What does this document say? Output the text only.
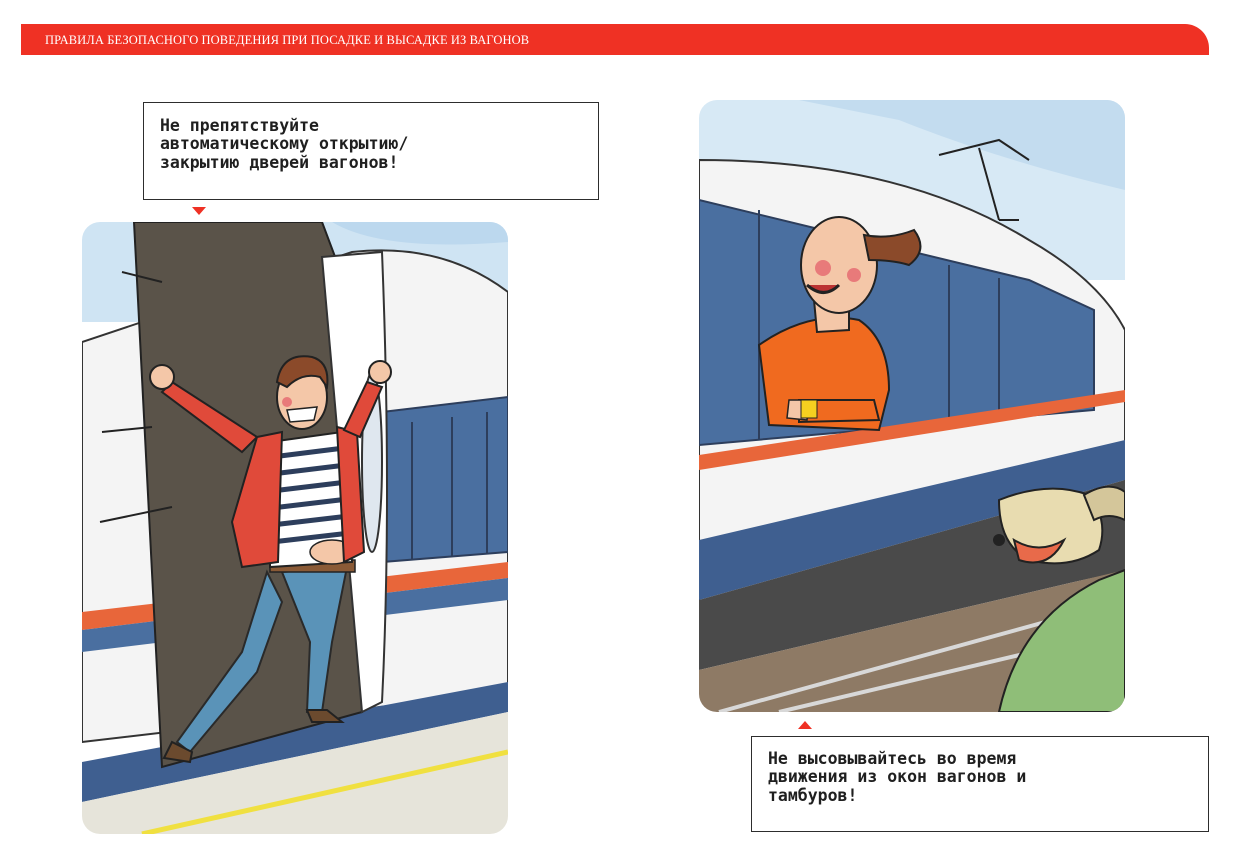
ПРАВИЛА БЕЗОПАСНОГО ПОВЕДЕНИЯ ПРИ ПОСАДКЕ И ВЫСАДКЕ ИЗ ВАГОНОВ
Не препятствуйте
автоматическому открытию/
закрытию дверей вагонов!
Не высовывайтесь во время
движения из окон вагонов и
тамбуров!
